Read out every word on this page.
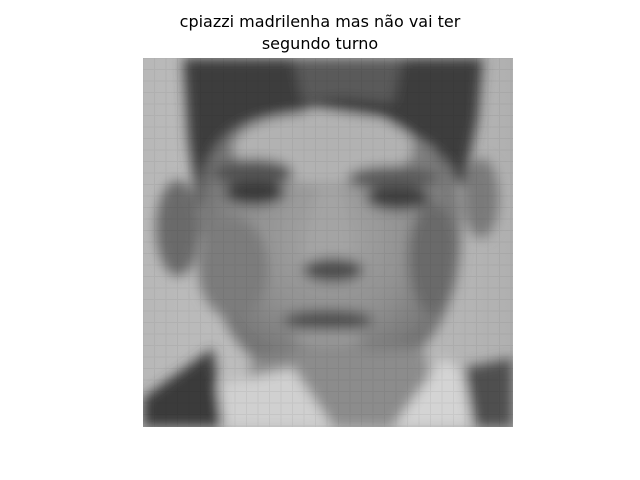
cpiazzi madrilenha mas não vai ter
segundo turno
